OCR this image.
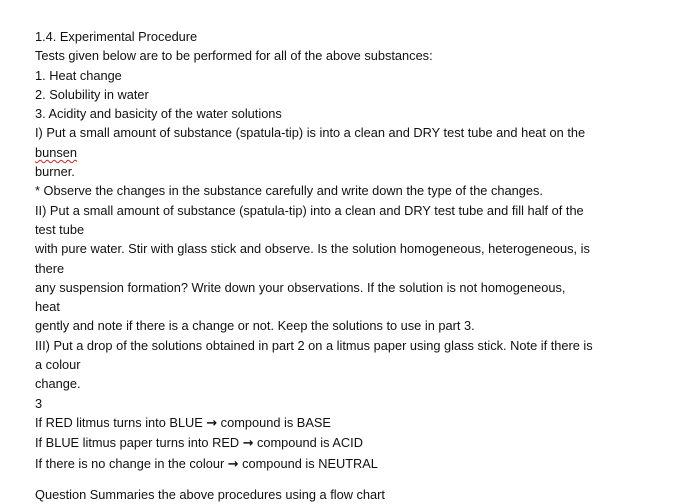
1.4. Experimental Procedure
Tests given below are to be performed for all of the above substances:
1. Heat change
2. Solubility in water
3. Acidity and basicity of the water solutions
I) Put a small amount of substance (spatula-tip) is into a clean and DRY test tube and heat on the
bunsen
burner.
* Observe the changes in the substance carefully and write down the type of the changes.
II) Put a small amount of substance (spatula-tip) into a clean and DRY test tube and fill half of the
test tube
with pure water. Stir with glass stick and observe. Is the solution homogeneous, heterogeneous, is
there
any suspension formation? Write down your observations. If the solution is not homogeneous,
heat
gently and note if there is a change or not. Keep the solutions to use in part 3.
III) Put a drop of the solutions obtained in part 2 on a litmus paper using glass stick. Note if there is
a colour
change.
3
If RED litmus turns into BLUE → compound is BASE
If BLUE litmus paper turns into RED → compound is ACID
If there is no change in the colour → compound is NEUTRAL
Question Summaries the above procedures using a flow chart
